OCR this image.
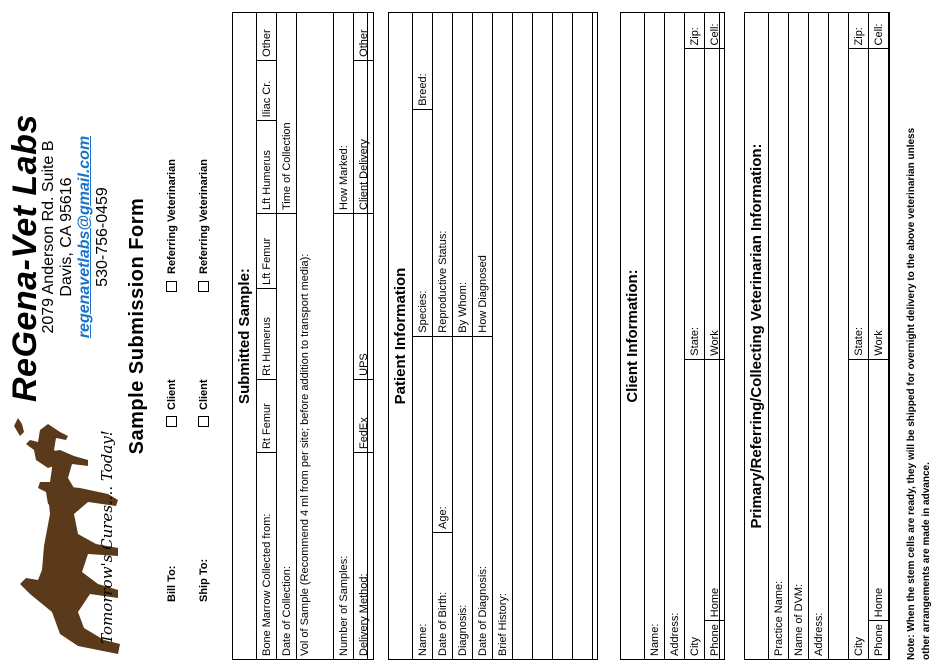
ReGena-Vet Labs
2079 Anderson Rd. Suite B Davis, CA 95616 regenavetlabs@gmail.com 530-756-0459
Tomorrow's Cures.... Today!
Sample Submission Form
Bill To:
Client
Referring Veterinarian
Ship To:
Client
Referring Veterinarian
Submitted Sample:
Bone Marrow Collected from:	Rt Femur	Rt Humerus	Lft Femur	Lft Humerus	Iliac Cr.	Other
Date of Collection:				Time of Collection		
Vol of Sample (Recommend 4 ml from per site; before addition to transport media):						
Number of Samples:				How Marked:		
Delivery Method:	FedEx	UPS		Client Delivery		Other
Patient Information
Name:		Species:	Breed:
Date of Birth:	Age:	Reproductive Status:	
Diagnosis:		By Whom:	
Date of Diagnosis:		How Diagnosed	
Brief History:			

Client Information:
Name:			
Address:			
City		State:	Zip:
Phone	Home	Work	Cell:
Primary/Referring/Collecting Veterinarian Information:
Practice Name:			
Name of DVM:			
Address:			

City		State:	Zip:
Phone	Home	Work	Cell:
Note: When the stem cells are ready, they will be shipped for overnight delivery to the above veterinarian unless other arrangements are made in advance.
